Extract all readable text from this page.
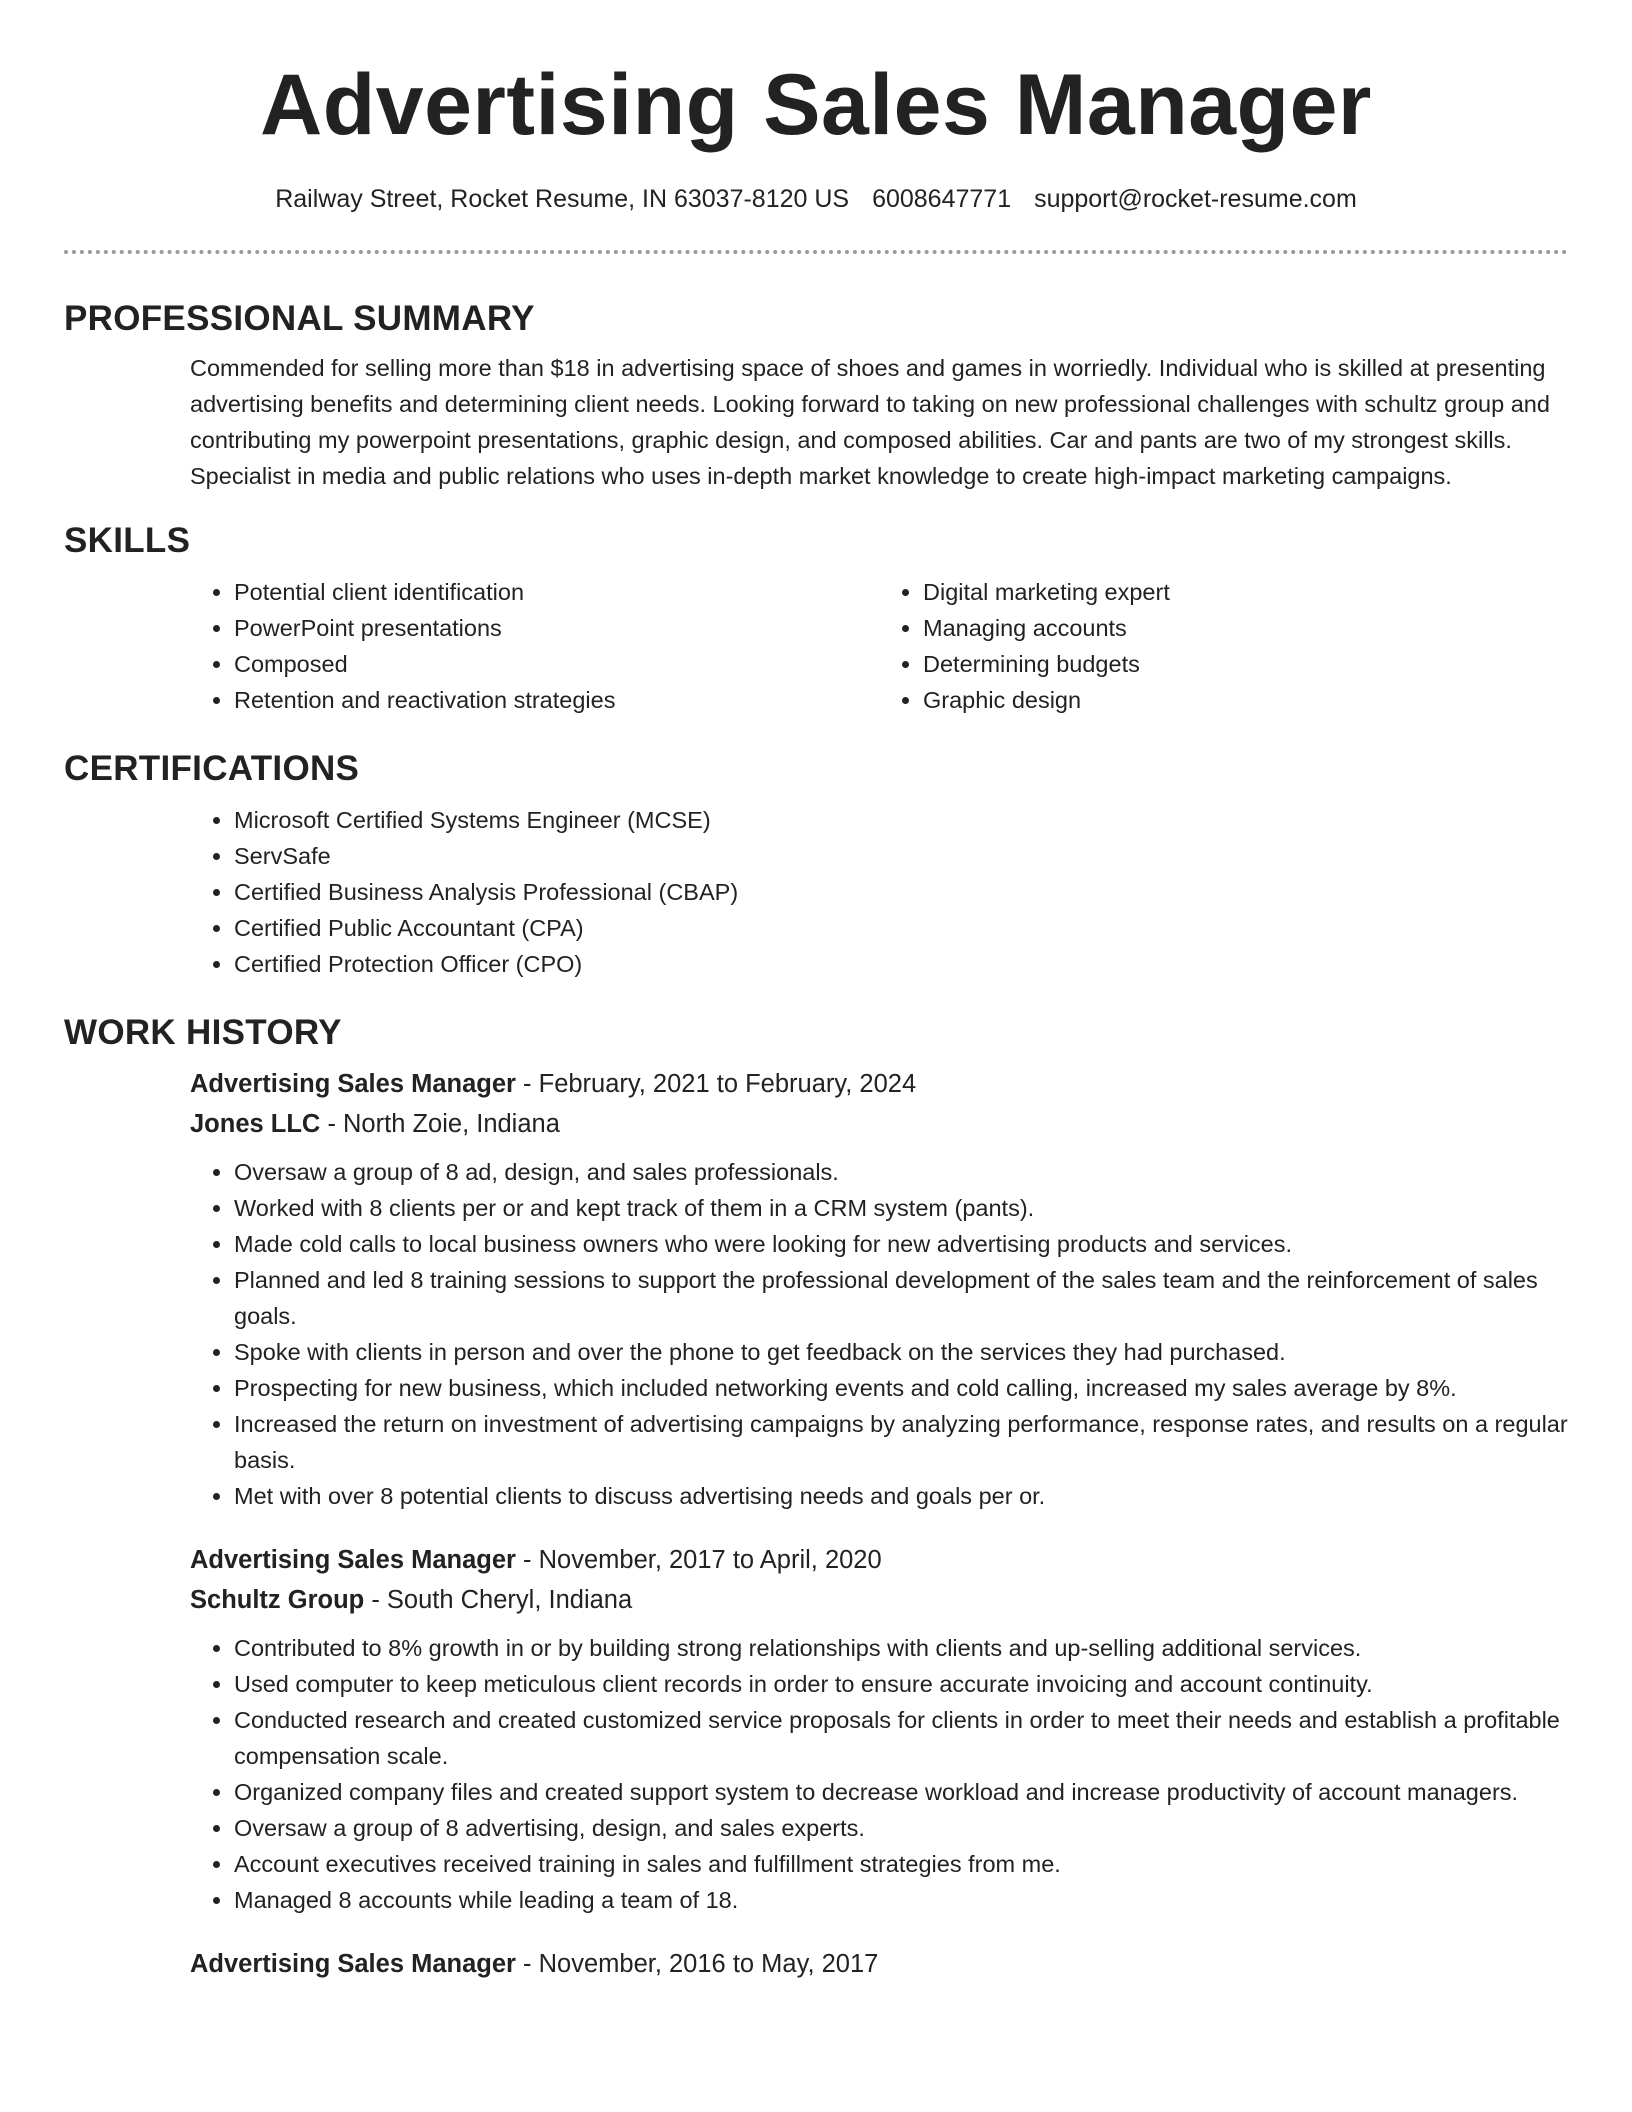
Advertising Sales Manager
Railway Street, Rocket Resume, IN 63037-8120 US 6008647771 support@rocket-resume.com
PROFESSIONAL SUMMARY

Commended for selling more than $18 in advertising space of shoes and games in worriedly. Individual who is skilled at presenting advertising benefits and determining client needs. Looking forward to taking on new professional challenges with schultz group and contributing my powerpoint presentations, graphic design, and composed abilities. Car and pants are two of my strongest skills. Specialist in media and public relations who uses in-depth market knowledge to create high-impact marketing campaigns.

SKILLS
• Potential client identification
• PowerPoint presentations
• Composed
• Retention and reactivation strategies
• Digital marketing expert
• Managing accounts
• Determining budgets
• Graphic design
CERTIFICATIONS
• Microsoft Certified Systems Engineer (MCSE)
• ServSafe
• Certified Business Analysis Professional (CBAP)
• Certified Public Accountant (CPA)
• Certified Protection Officer (CPO)
WORK HISTORY
Advertising Sales Manager - February, 2021 to February, 2024
Jones LLC - North Zoie, Indiana
• Oversaw a group of 8 ad, design, and sales professionals.
• Worked with 8 clients per or and kept track of them in a CRM system (pants).
• Made cold calls to local business owners who were looking for new advertising products and services.
• Planned and led 8 training sessions to support the professional development of the sales team and the reinforcement of sales goals.
• Spoke with clients in person and over the phone to get feedback on the services they had purchased.
• Prospecting for new business, which included networking events and cold calling, increased my sales average by 8%.
• Increased the return on investment of advertising campaigns by analyzing performance, response rates, and results on a regular basis.
• Met with over 8 potential clients to discuss advertising needs and goals per or.
Advertising Sales Manager - November, 2017 to April, 2020
Schultz Group - South Cheryl, Indiana
• Contributed to 8% growth in or by building strong relationships with clients and up-selling additional services.
• Used computer to keep meticulous client records in order to ensure accurate invoicing and account continuity.
• Conducted research and created customized service proposals for clients in order to meet their needs and establish a profitable compensation scale.
• Organized company files and created support system to decrease workload and increase productivity of account managers.
• Oversaw a group of 8 advertising, design, and sales experts.
• Account executives received training in sales and fulfillment strategies from me.
• Managed 8 accounts while leading a team of 18.
Advertising Sales Manager - November, 2016 to May, 2017
